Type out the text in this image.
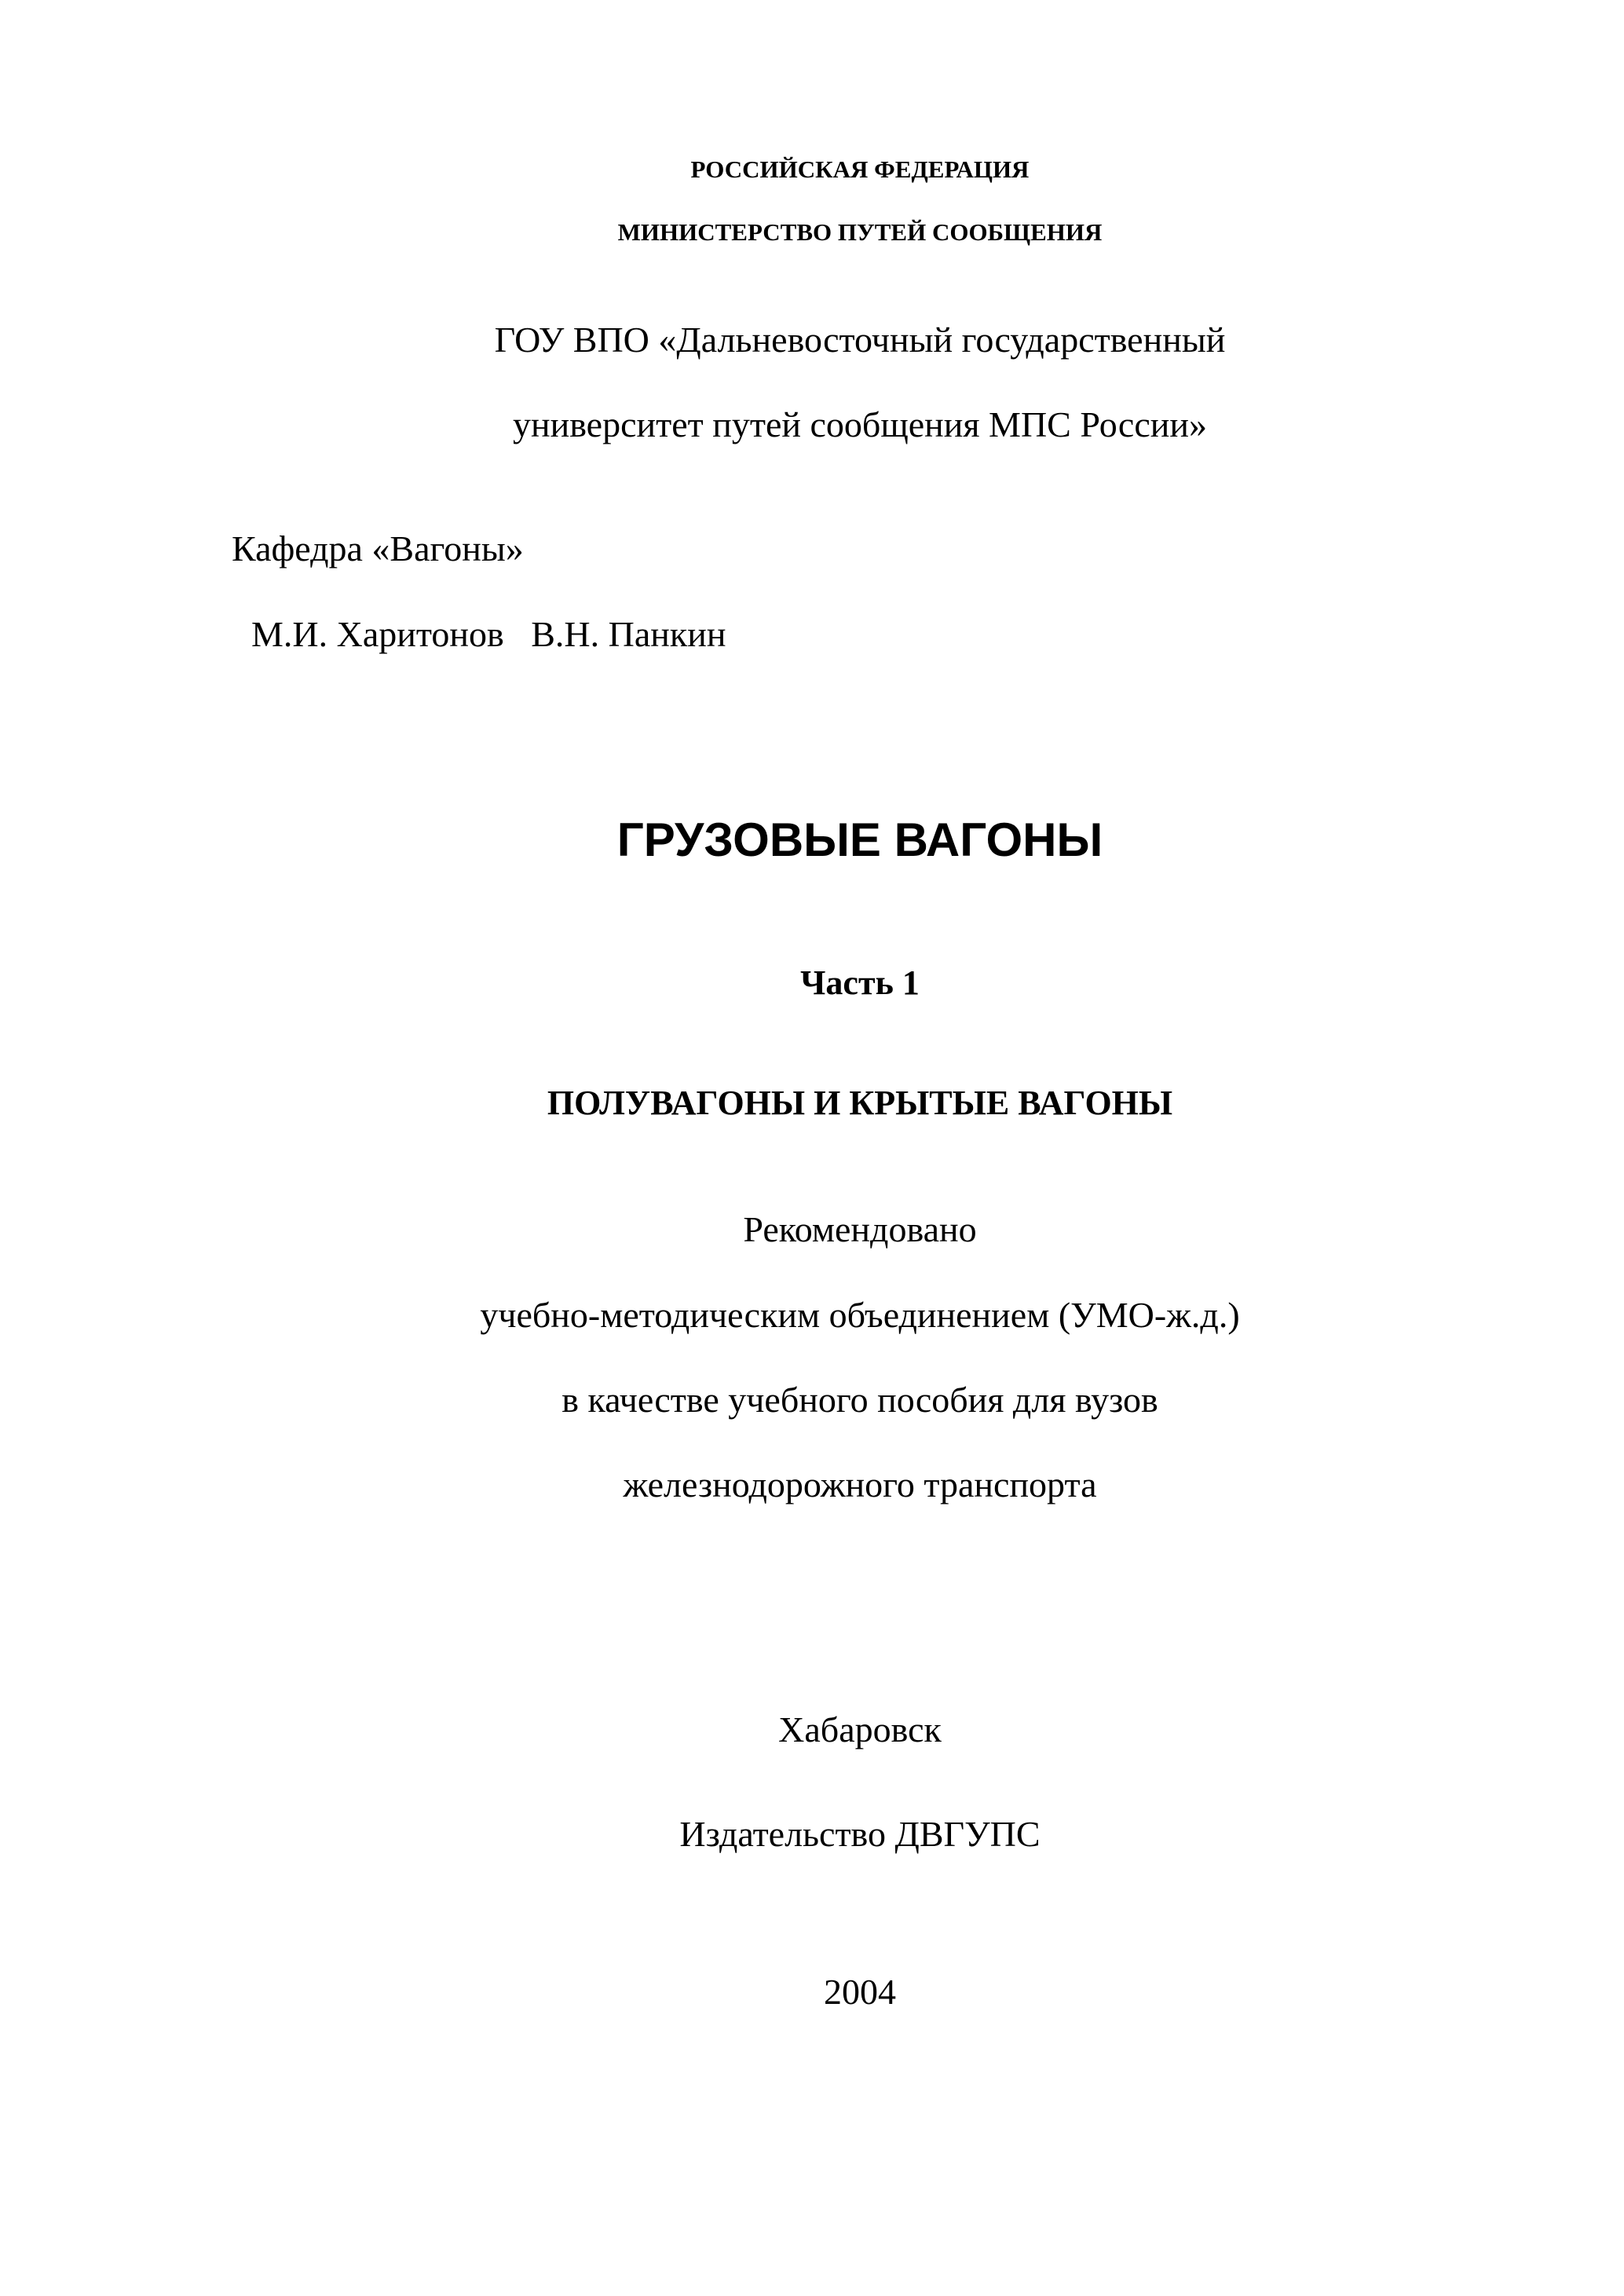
РОССИЙСКАЯ ФЕДЕРАЦИЯ
МИНИСТЕРСТВО ПУТЕЙ СООБЩЕНИЯ
ГОУ ВПО «Дальневосточный государственный
университет путей сообщения МПС России»
Кафедра «Вагоны»
М.И. Харитонов   В.Н. Панкин
ГРУЗОВЫЕ ВАГОНЫ
Часть 1
ПОЛУВАГОНЫ И КРЫТЫЕ ВАГОНЫ
Рекомендовано
учебно-методическим объединением (УМО-ж.д.)
в качестве учебного пособия для вузов
железнодорожного транспорта
Хабаровск
Издательство ДВГУПС
2004
